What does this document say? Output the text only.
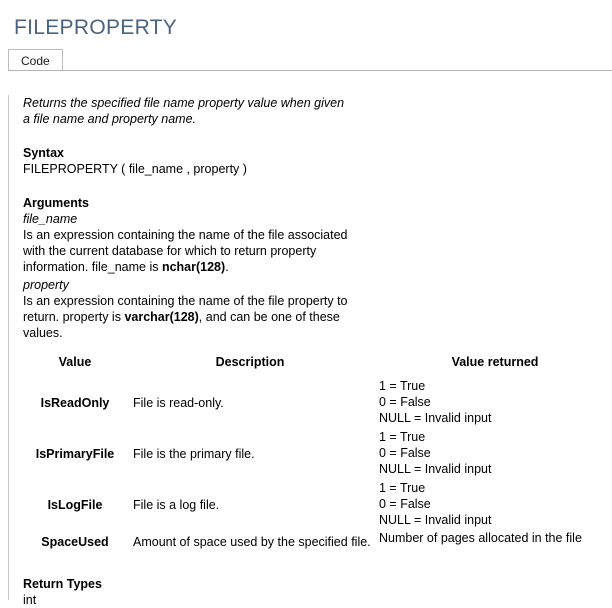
FILEPROPERTY
Code

Returns the specified file name property value when given a file name and property name.

Syntax

FILEPROPERTY ( file_name , property )

Arguments

file_name

Is an expression containing the name of the file associated with the current database for which to return property information. file_name is nchar(128).

property

Is an expression containing the name of the file property to return. property is varchar(128), and can be one of these values.

Value	Description	Value returned
IsReadOnly	File is read-only.	1 = True
0 = False
NULL = Invalid input

IsPrimaryFile	File is the primary file.	1 = True
0 = False
NULL = Invalid input

IsLogFile	File is a log file.	1 = True
0 = False
NULL = Invalid input

SpaceUsed	Amount of space used by the specified file.	Number of pages allocated in the file

Return Types

int
